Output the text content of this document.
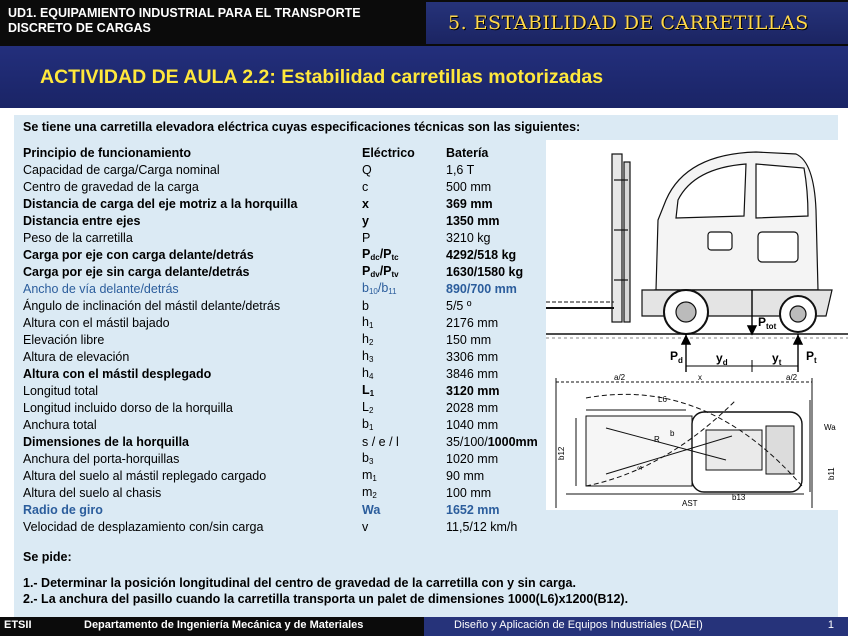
UD1. EQUIPAMIENTO INDUSTRIAL PARA EL TRANSPORTE
DISCRETO DE CARGAS	5. ESTABILIDAD DE CARRETILLAS
ACTIVIDAD DE AULA 2.2: Estabilidad carretillas motorizadas
Se tiene una carretilla elevadora eléctrica cuyas especificaciones técnicas son las siguientes:
Principio de funcionamiento	Eléctrico	Batería
Capacidad de carga/Carga nominal	Q	1,6 T
Centro de gravedad de la carga	c	500 mm
Distancia de carga del eje motriz a la horquilla	x	369 mm
Distancia entre ejes	y	1350 mm
Peso de la carretilla	P	3210 kg
Carga por eje con carga delante/detrás	$P_{dc}/P_{tc}$	4292/518 kg
Carga por eje sin carga delante/detrás	$P_{dv}/P_{tv}$	1630/1580 kg
Ancho de vía delante/detrás	$b_{10}/b_{11}$	890/700 mm
Ángulo de inclinación del mástil delante/detrás	b	5/5 º
Altura con el mástil bajado	$h_1$	2176 mm
Elevación libre	$h_2$	150 mm
Altura de elevación	$h_3$	3306 mm
Altura con el mástil desplegado	$h_4$	3846 mm
Longitud total	$L_1$	3120 mm
Longitud incluido dorso de la horquilla	$L_2$	2028 mm
Anchura total	$b_1$	1040 mm
Dimensiones de la horquilla	s / e / l	35/100/1000mm
Anchura del porta-horquillas	$b_3$	1020 mm
Altura del suelo al mástil replegado cargado	$m_1$	90 mm
Altura del suelo al chasis	$m_2$	100 mm
Radio de giro	Wa	1652 mm
Velocidad de desplazamiento con/sin carga	v	11,5/12 km/h
Se pide:
1.- Determinar la posición longitudinal del centro de gravedad de la carretilla con y sin carga.
2.- La anchura del pasillo cuando la carretilla transporta un palet de dimensiones 1000(L6)x1200(B12).
$P_{tot}$
$P_d$	$y_d$	$y_t$ $P_t$
a/2	x	a/2
L6
b12
b11
Wa
b13
AST
s
R
b
ETSII	Departamento de Ingeniería Mecánica y de Materiales	Diseño y Aplicación de Equipos Industriales (DAEI)	1
